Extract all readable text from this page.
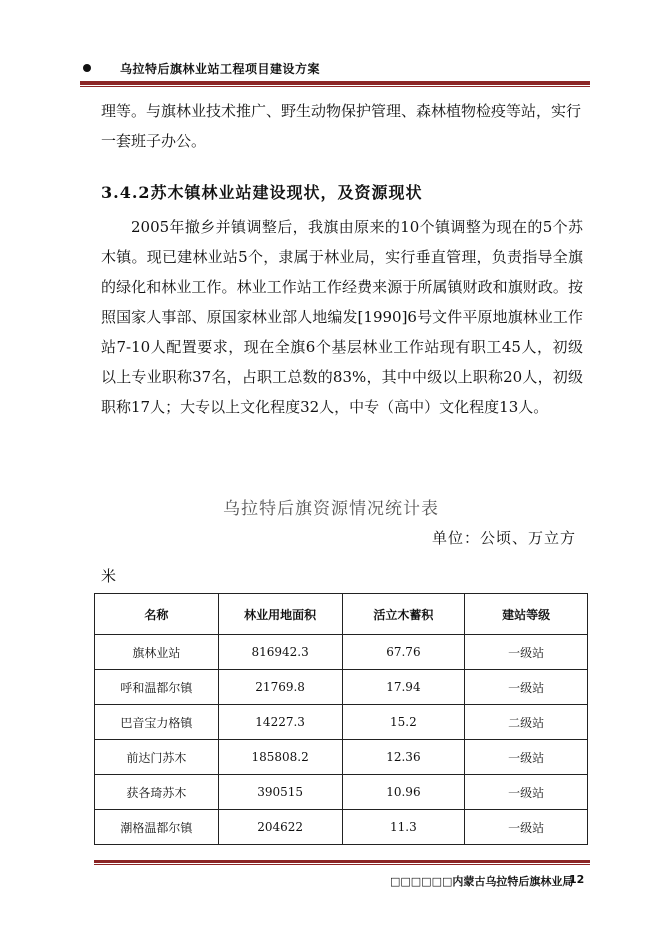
乌拉特后旗林业站工程项目建设方案
理等。与旗林业技术推广、野生动物保护管理、森林植物检疫等站，实行一套班子办公。
3.4.2苏木镇林业站建设现状，及资源现状
2005年撤乡并镇调整后，我旗由原来的10个镇调整为现在的5个苏木镇。现已建林业站5个，隶属于林业局，实行垂直管理，负责指导全旗的绿化和林业工作。林业工作站工作经费来源于所属镇财政和旗财政。按照国家人事部、原国家林业部人地编发[1990]6号文件平原地旗林业工作站7-10人配置要求，现在全旗6个基层林业工作站现有职工45人，初级以上专业职称37名，占职工总数的83%，其中中级以上职称20人，初级职称17人；大专以上文化程度32人，中专（高中）文化程度13人。
乌拉特后旗资源情况统计表
单位：公顷、万立方
米
名称	林业用地面积	活立木蓄积	建站等级
旗林业站	816942.3	67.76	一级站
呼和温都尔镇	21769.8	17.94	一级站
巴音宝力格镇	14227.3	15.2	二级站
前达门苏木	185808.2	12.36	一级站
获各琦苏木	390515	10.96	一级站
潮格温都尔镇	204622	11.3	一级站
□□□□□□内蒙古乌拉特后旗林业局
12
